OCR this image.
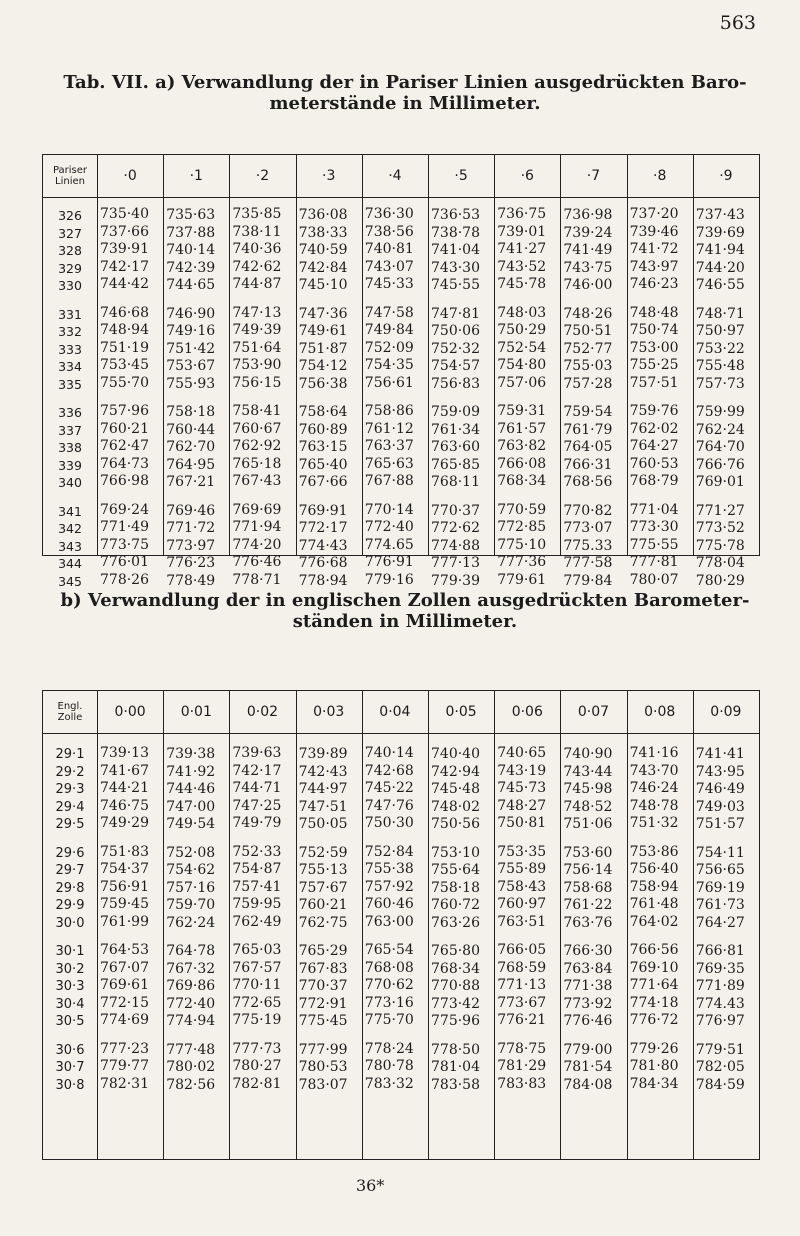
563
Tab. VII. a) Verwandlung der in Pariser Linien ausgedrückten Baro-
meterstände in Millimeter.
Pariser
Linien	·0	·1	·2	·3	·4	·5	·6	·7	·8	·9
326	735·40 735·63 735·85 736·08 736·30 736·53 736·75 736·98 737·20 737·43
327	737·66 737·88 738·11 738·33 738·56 738·78 739·01 739·24 739·46 739·69
328	739·91 740·14 740·36 740·59 740·81 741·04 741·27 741·49 741·72 741·94
329	742·17 742·39 742·62 742·84 743·07 743·30 743·52 743·75 743·97 744·20
330	744·42 744·65 744·87 745·10 745·33 745·55 745·78 746·00 746·23 746·55
331	746·68 746·90 747·13 747·36 747·58 747·81 748·03 748·26 748·48 748·71
332	748·94 749·16 749·39 749·61 749·84 750·06 750·29 750·51 750·74 750·97
333	751·19 751·42 751·64 751·87 752·09 752·32 752·54 752·77 753·00 753·22
334	753·45 753·67 753·90 754·12 754·35 754·57 754·80 755·03 755·25 755·48
335	755·70 755·93 756·15 756·38 756·61 756·83 757·06 757·28 757·51 757·73
336	757·96 758·18 758·41 758·64 758·86 759·09 759·31 759·54 759·76 759·99
337	760·21 760·44 760·67 760·89 761·12 761·34 761·57 761·79 762·02 762·24
338	762·47 762·70 762·92 763·15 763·37 763·60 763·82 764·05 764·27 764·70
339	764·73 764·95 765·18 765·40 765·63 765·85 766·08 766·31 760·53 766·76
340	766·98 767·21 767·43 767·66 767·88 768·11 768·34 768·56 768·79 769·01
341	769·24 769·46 769·69 769·91 770·14 770·37 770·59 770·82 771·04 771·27
342	771·49 771·72 771·94 772·17 772·40 772·62 772·85 773·07 773·30 773·52
343	773·75 773·97 774·20 774·43 774.65 774·88 775·10 775.33 775·55 775·78
344	776·01 776·23 776·46 776·68 776·91 777·13 777·36 777·58 777·81 778·04
345	778·26 778·49 778·71 778·94 779·16 779·39 779·61 779·84 780·07 780·29
b) Verwandlung der in englischen Zollen ausgedrückten Barometer-
ständen in Millimeter.
Engl.
Zolle	0·00	0·01	0·02	0·03	0·04	0·05	0·06	0·07	0·08	0·09
29·1	739·13 739·38 739·63 739·89 740·14 740·40 740·65 740·90 741·16 741·41
29·2	741·67 741·92 742·17 742·43 742·68 742·94 743·19 743·44 743·70 743·95
29·3	744·21 744·46 744·71 744·97 745·22 745·48 745·73 745·98 746·24 746·49
29·4	746·75 747·00 747·25 747·51 747·76 748·02 748·27 748·52 748·78 749·03
29·5	749·29 749·54 749·79 750·05 750·30 750·56 750·81 751·06 751·32 751·57
29·6	751·83 752·08 752·33 752·59 752·84 753·10 753·35 753·60 753·86 754·11
29·7	754·37 754·62 754·87 755·13 755·38 755·64 755·89 756·14 756·40 756·65
29·8	756·91 757·16 757·41 757·67 757·92 758·18 758·43 758·68 758·94 769·19
29·9	759·45 759·70 759·95 760·21 760·46 760·72 760·97 761·22 761·48 761·73
30·0	761·99 762·24 762·49 762·75 763·00 763·26 763·51 763·76 764·02 764·27
30·1	764·53 764·78 765·03 765·29 765·54 765·80 766·05 766·30 766·56 766·81
30·2	767·07 767·32 767·57 767·83 768·08 768·34 768·59 763·84 769·10 769·35
30·3	769·61 769·86 770·11 770·37 770·62 770·88 771·13 771·38 771·64 771·89
30·4	772·15 772·40 772·65 772·91 773·16 773·42 773·67 773·92 774·18 774.43
30·5	774·69 774·94 775·19 775·45 775·70 775·96 776·21 776·46 776·72 776·97
30·6	777·23 777·48 777·73 777·99 778·24 778·50 778·75 779·00 779·26 779·51
30·7	779·77 780·02 780·27 780·53 780·78 781·04 781·29 781·54 781·80 782·05
30·8	782·31 782·56 782·81 783·07 783·32 783·58 783·83 784·08 784·34 784·59
36*
